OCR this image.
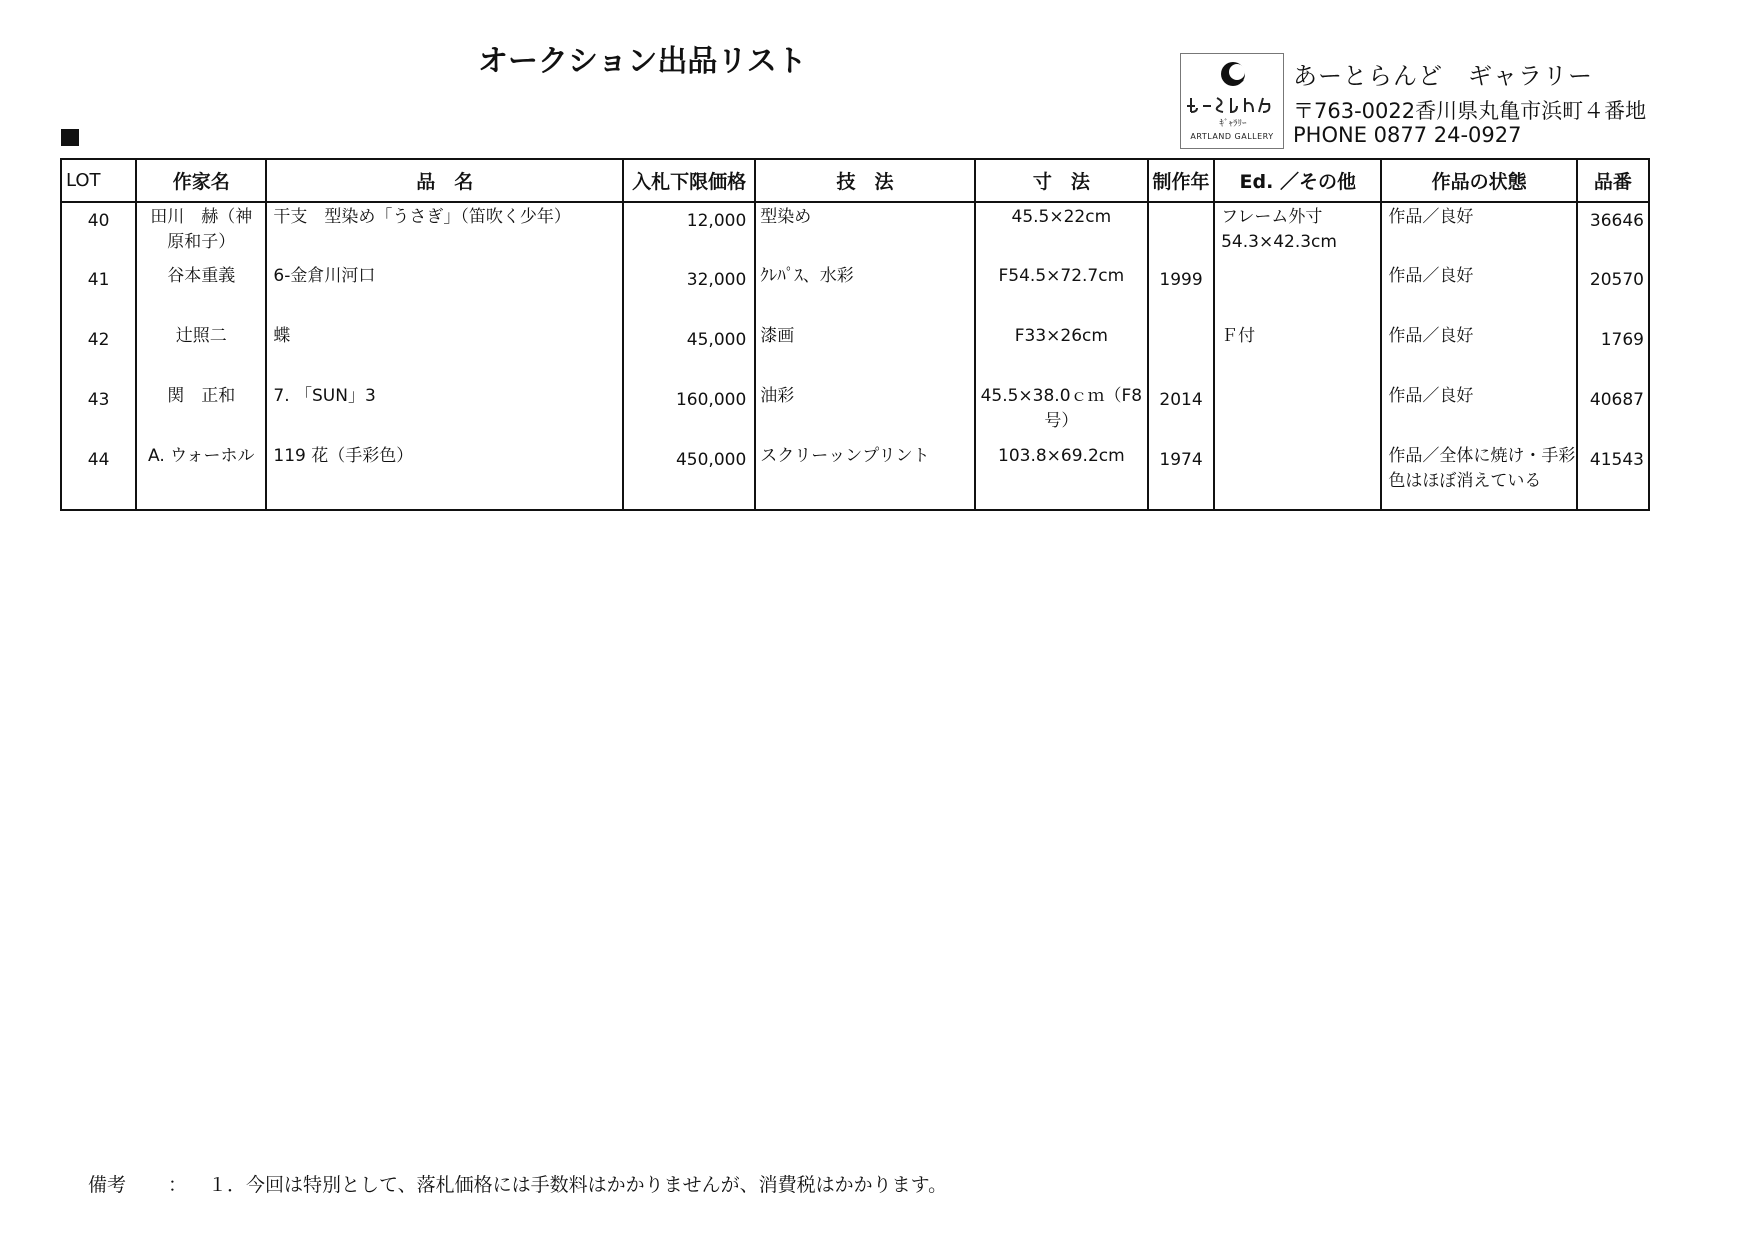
オークション出品リスト
ｷﾞｬﾗﾘｰ
ARTLAND GALLERY
あーとらんど　ギャラリー
〒763-0022香川県丸亀市浜町４番地
PHONE 0877 24-0927
LOT	作家名	品　名	入札下限価格	技　法	寸　法	制作年	Ed. ／その他	作品の状態	品番
40	田川　赫（神原和子）	干支　型染め「うさぎ」（笛吹く少年）	12,000	型染め	45.5×22cm		フレーム外寸54.3×42.3cm	作品／良好	36646
41	谷本重義	6-金倉川河口	32,000	ｸﾚﾊﾟｽ、水彩	F54.5×72.7cm	1999		作品／良好	20570
42	辻照二	蝶	45,000	漆画	F33×26cm		Ｆ付	作品／良好	1769
43	関　正和	7. 「SUN」3	160,000	油彩	45.5×38.0ｃｍ（F8号）	2014		作品／良好	40687
44	A. ウォーホル	119 花（手彩色）	450,000	スクリーッンプリント	103.8×69.2cm	1974		作品／全体に焼け・手彩色はほぼ消えている	41543
備考 ： １．今回は特別として、落札価格には手数料はかかりませんが、消費税はかかります。
